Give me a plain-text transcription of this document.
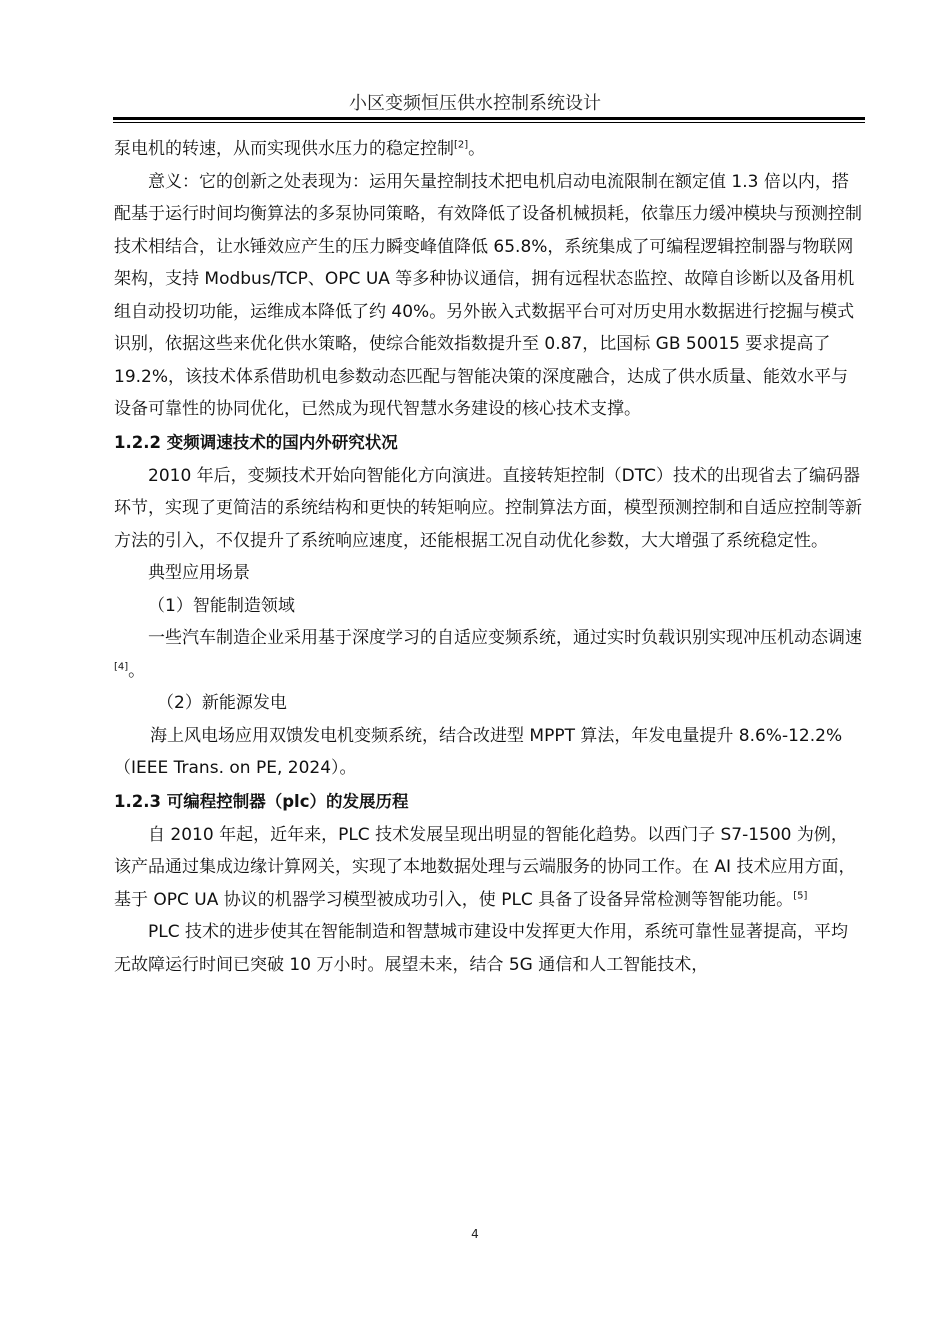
小区变频恒压供水控制系统设计

泵电机的转速，从而实现供水压力的稳定控制[2]。

意义：它的创新之处表现为：运用矢量控制技术把电机启动电流限制在额定值 1.3 倍以内，搭配基于运行时间均衡算法的多泵协同策略，有效降低了设备机械损耗，依靠压力缓冲模块与预测控制技术相结合，让水锤效应产生的压力瞬变峰值降低 65.8%，系统集成了可编程逻辑控制器与物联网架构，支持 Modbus/TCP、OPC UA 等多种协议通信，拥有远程状态监控、故障自诊断以及备用机组自动投切功能，运维成本降低了约 40%。另外嵌入式数据平台可对历史用水数据进行挖掘与模式识别，依据这些来优化供水策略，使综合能效指数提升至 0.87，比国标 GB 50015 要求提高了 19.2%，该技术体系借助机电参数动态匹配与智能决策的深度融合，达成了供水质量、能效水平与设备可靠性的协同优化，已然成为现代智慧水务建设的核心技术支撑。

1.2.2 变频调速技术的国内外研究状况

2010 年后，变频技术开始向智能化方向演进。直接转矩控制（DTC）技术的出现省去了编码器环节，实现了更简洁的系统结构和更快的转矩响应。控制算法方面，模型预测控制和自适应控制等新方法的引入，不仅提升了系统响应速度，还能根据工况自动优化参数，大大增强了系统稳定性。

典型应用场景

（1）智能制造领域

一些汽车制造企业采用基于深度学习的自适应变频系统，通过实时负载识别实现冲压机动态调速[4]。

（2）新能源发电

海上风电场应用双馈发电机变频系统，结合改进型 MPPT 算法，年发电量提升 8.6%-12.2%（IEEE Trans. on PE, 2024）。

1.2.3 可编程控制器（plc）的发展历程

自 2010 年起，近年来，PLC 技术发展呈现出明显的智能化趋势。以西门子 S7-1500 为例，该产品通过集成边缘计算网关，实现了本地数据处理与云端服务的协同工作。在 AI 技术应用方面，基于 OPC UA 协议的机器学习模型被成功引入，使 PLC 具备了设备异常检测等智能功能。[5]

PLC 技术的进步使其在智能制造和智慧城市建设中发挥更大作用，系统可靠性显著提高，平均无故障运行时间已突破 10 万小时。展望未来，结合 5G 通信和人工智能技术，

4
